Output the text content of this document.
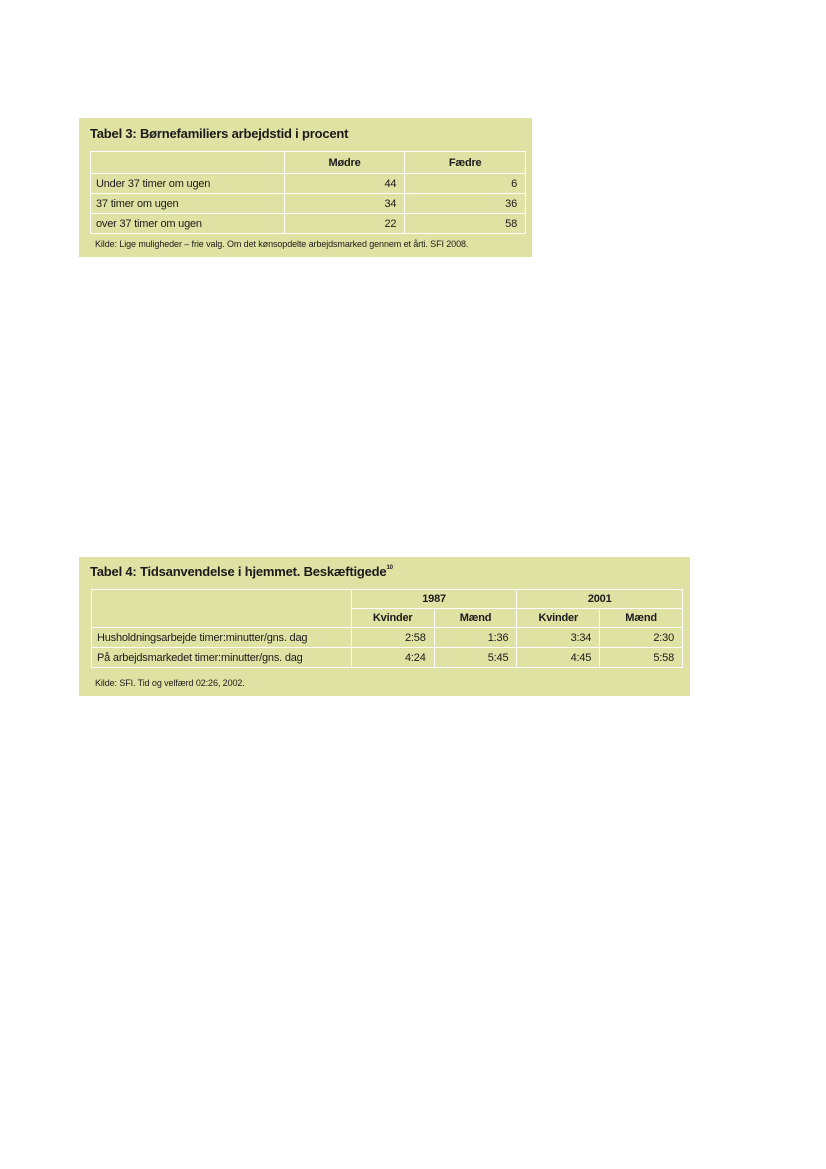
Tabel 3: Børnefamiliers arbejdstid i procent
	Mødre	Fædre
Under 37 timer om ugen	44	6
37 timer om ugen	34	36
over 37 timer om ugen	22	58
Kilde: Lige muligheder – frie valg. Om det kønsopdelte arbejdsmarked gennem et årti. SFI 2008.
Tabel 4: Tidsanvendelse i hjemmet. Beskæftigede$^{10}$
	1987		2001	
	Kvinder	Mænd	Kvinder	Mænd
Husholdningsarbejde timer:minutter/gns. dag	2:58	1:36	3:34	2:30
På arbejdsmarkedet timer:minutter/gns. dag	4:24	5:45	4:45	5:58
Kilde: SFI. Tid og velfærd 02:26, 2002.
